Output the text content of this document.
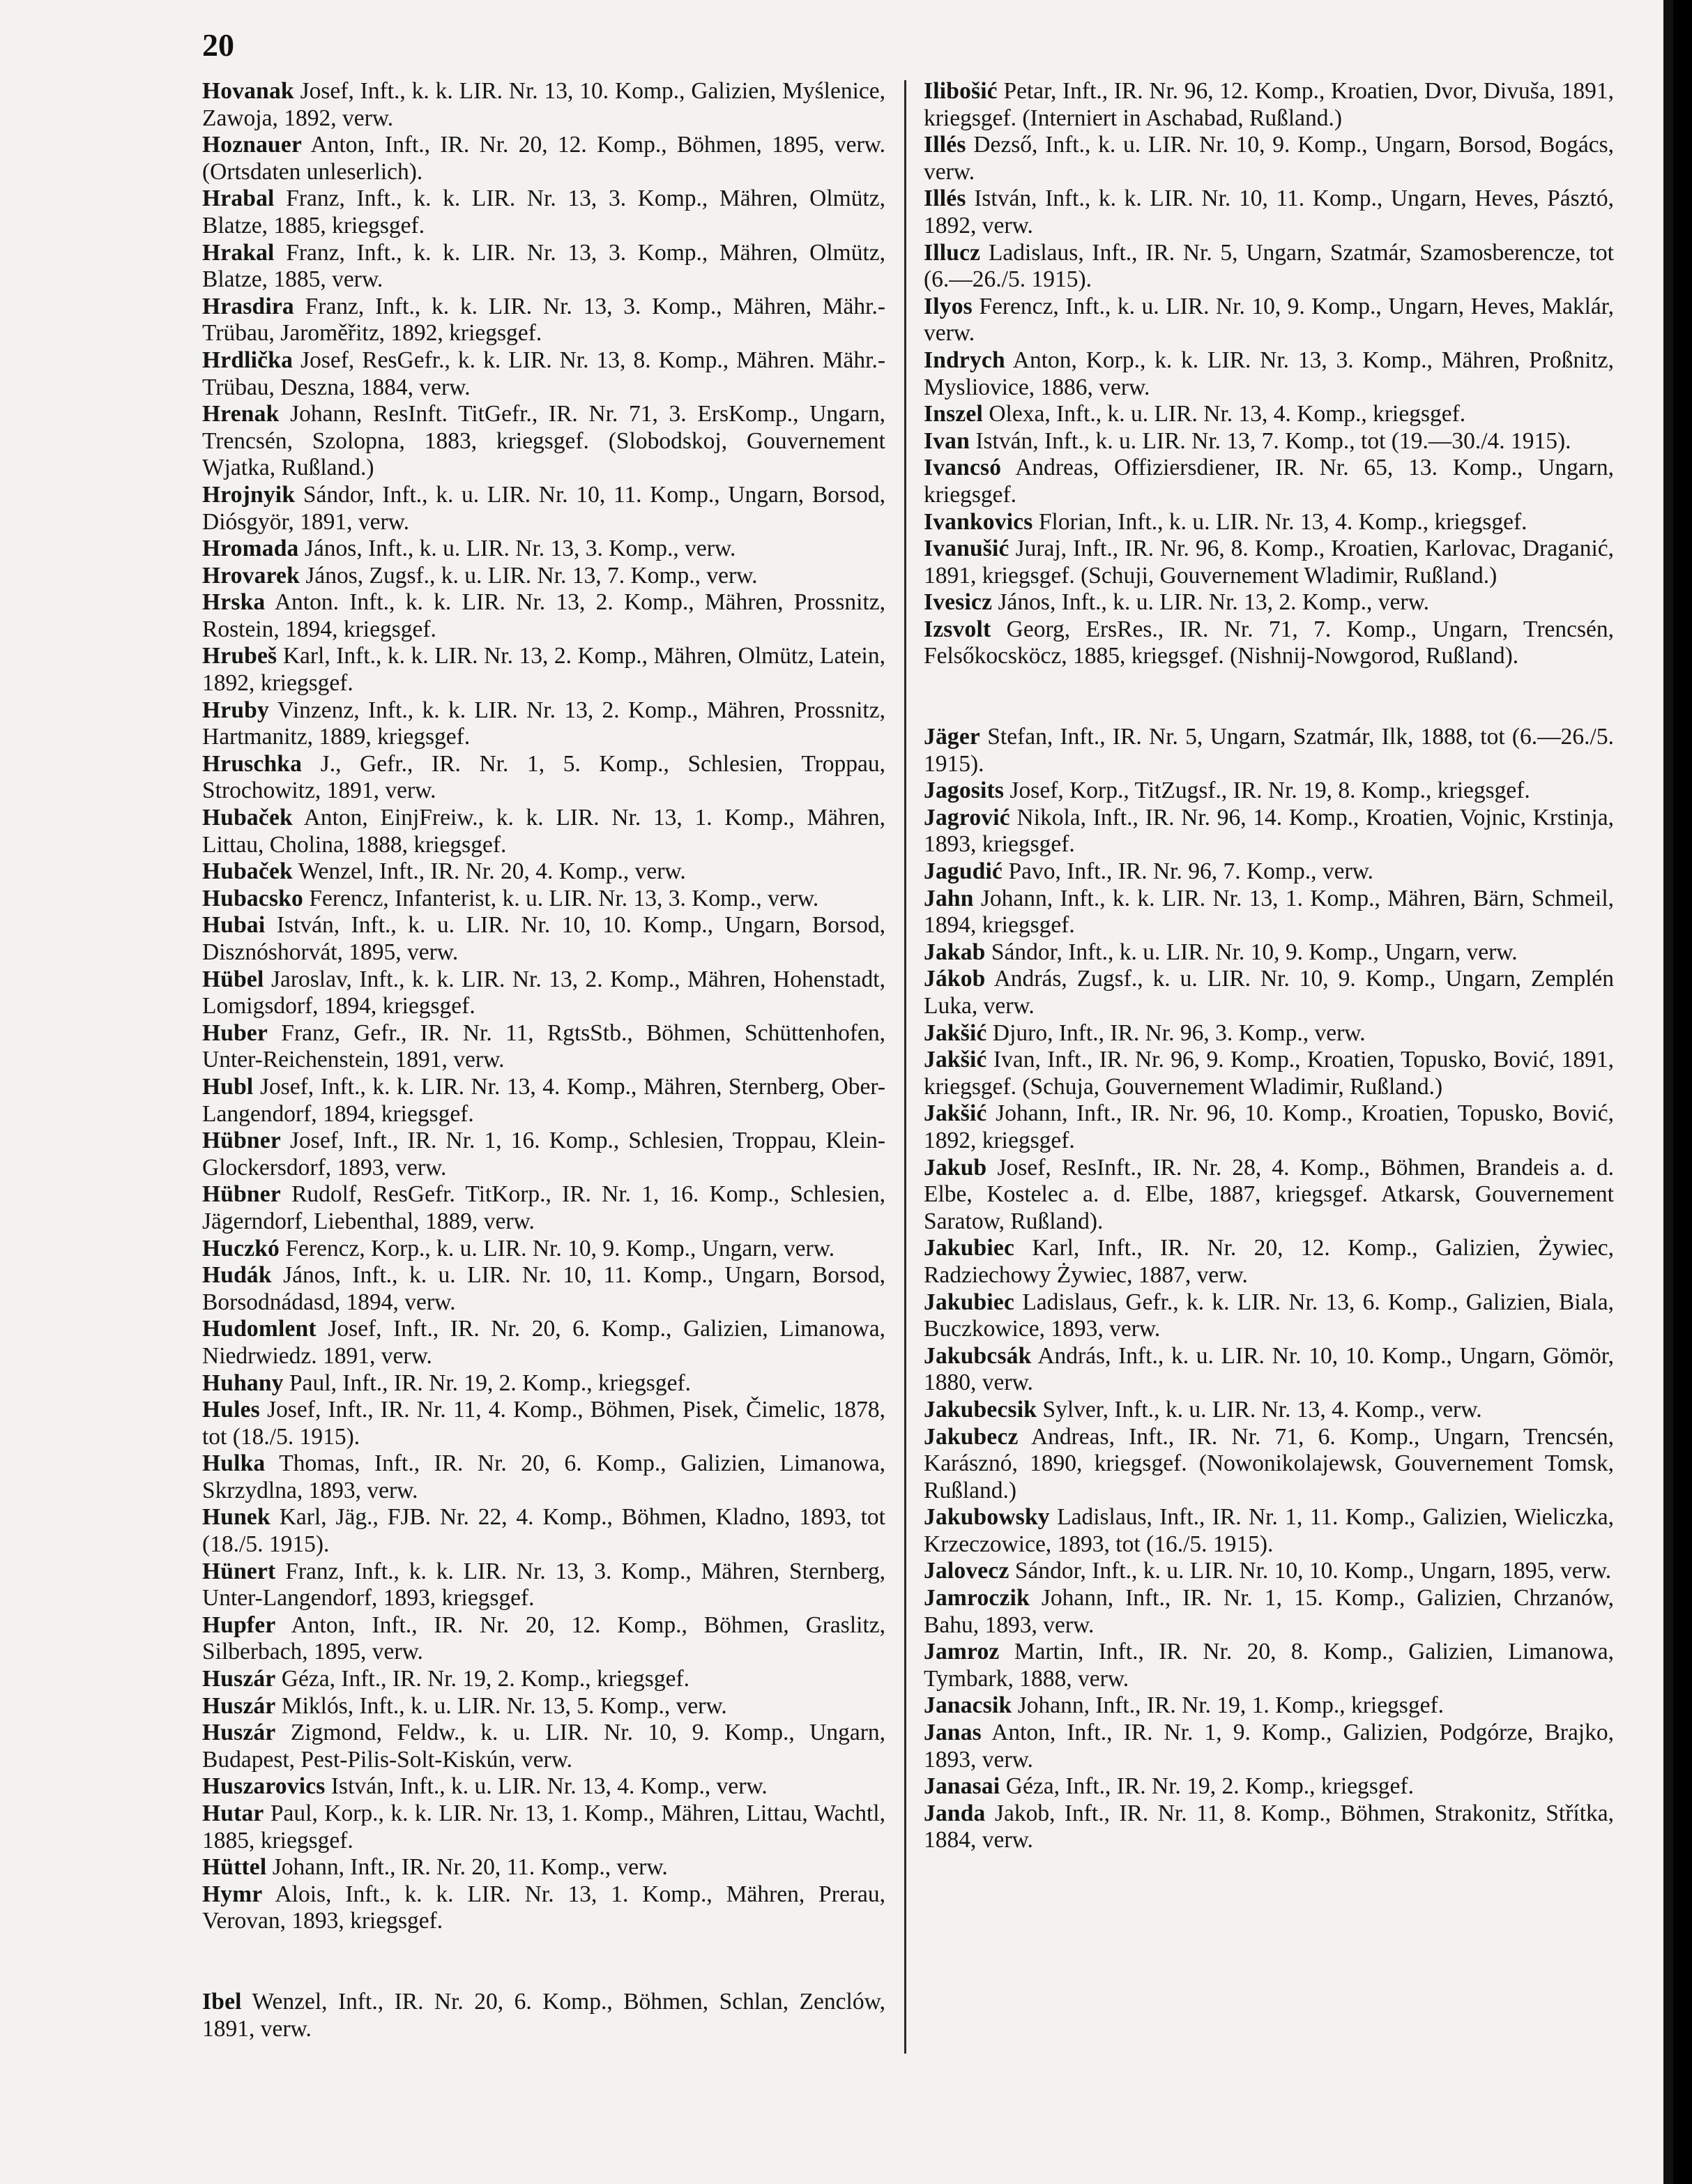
20

Hovanak Josef, Inft., k. k. LIR. Nr. 13, 10. Komp., Galizien, Myślenice, Zawoja, 1892, verw.

Hoznauer Anton, Inft., IR. Nr. 20, 12. Komp., Böhmen, 1895, verw. (Ortsdaten unleserlich).

Hrabal Franz, Inft., k. k. LIR. Nr. 13, 3. Komp., Mähren, Olmütz, Blatze, 1885, kriegsgef.

Hrakal Franz, Inft., k. k. LIR. Nr. 13, 3. Komp., Mähren, Olmütz, Blatze, 1885, verw.

Hrasdira Franz, Inft., k. k. LIR. Nr. 13, 3. Komp., Mähren, Mähr.-Trübau, Jaroměřitz, 1892, kriegsgef.

Hrdlička Josef, ResGefr., k. k. LIR. Nr. 13, 8. Komp., Mähren. Mähr.-Trübau, Deszna, 1884, verw.

Hrenak Johann, ResInft. TitGefr., IR. Nr. 71, 3. ErsKomp., Ungarn, Trencsén, Szolopna, 1883, kriegsgef. (Slobodskoj, Gouvernement Wjatka, Rußland.)

Hrojnyik Sándor, Inft., k. u. LIR. Nr. 10, 11. Komp., Ungarn, Borsod, Diósgyör, 1891, verw.

Hromada János, Inft., k. u. LIR. Nr. 13, 3. Komp., verw.

Hrovarek János, Zugsf., k. u. LIR. Nr. 13, 7. Komp., verw.

Hrska Anton. Inft., k. k. LIR. Nr. 13, 2. Komp., Mähren, Prossnitz, Rostein, 1894, kriegsgef.

Hrubeš Karl, Inft., k. k. LIR. Nr. 13, 2. Komp., Mähren, Olmütz, Latein, 1892, kriegsgef.

Hruby Vinzenz, Inft., k. k. LIR. Nr. 13, 2. Komp., Mähren, Prossnitz, Hartmanitz, 1889, kriegsgef.

Hruschka J., Gefr., IR. Nr. 1, 5. Komp., Schlesien, Troppau, Strochowitz, 1891, verw.

Hubaček Anton, EinjFreiw., k. k. LIR. Nr. 13, 1. Komp., Mähren, Littau, Cholina, 1888, kriegsgef.

Hubaček Wenzel, Inft., IR. Nr. 20, 4. Komp., verw.

Hubacsko Ferencz, Infanterist, k. u. LIR. Nr. 13, 3. Komp., verw.

Hubai István, Inft., k. u. LIR. Nr. 10, 10. Komp., Ungarn, Borsod, Disznóshorvát, 1895, verw.

Hübel Jaroslav, Inft., k. k. LIR. Nr. 13, 2. Komp., Mähren, Hohenstadt, Lomigsdorf, 1894, kriegsgef.

Huber Franz, Gefr., IR. Nr. 11, RgtsStb., Böhmen, Schüttenhofen, Unter-Reichenstein, 1891, verw.

Hubl Josef, Inft., k. k. LIR. Nr. 13, 4. Komp., Mähren, Sternberg, Ober-Langendorf, 1894, kriegsgef.

Hübner Josef, Inft., IR. Nr. 1, 16. Komp., Schlesien, Troppau, Klein-Glockersdorf, 1893, verw.

Hübner Rudolf, ResGefr. TitKorp., IR. Nr. 1, 16. Komp., Schlesien, Jägerndorf, Liebenthal, 1889, verw.

Huczkó Ferencz, Korp., k. u. LIR. Nr. 10, 9. Komp., Ungarn, verw.

Hudák János, Inft., k. u. LIR. Nr. 10, 11. Komp., Ungarn, Borsod, Borsodnádasd, 1894, verw.

Hudomlent Josef, Inft., IR. Nr. 20, 6. Komp., Galizien, Limanowa, Niedrwiedz. 1891, verw.

Huhany Paul, Inft., IR. Nr. 19, 2. Komp., kriegsgef.

Hules Josef, Inft., IR. Nr. 11, 4. Komp., Böhmen, Pisek, Čimelic, 1878, tot (18./5. 1915).

Hulka Thomas, Inft., IR. Nr. 20, 6. Komp., Galizien, Limanowa, Skrzydlna, 1893, verw.

Hunek Karl, Jäg., FJB. Nr. 22, 4. Komp., Böhmen, Kladno, 1893, tot (18./5. 1915).

Hünert Franz, Inft., k. k. LIR. Nr. 13, 3. Komp., Mähren, Sternberg, Unter-Langendorf, 1893, kriegsgef.

Hupfer Anton, Inft., IR. Nr. 20, 12. Komp., Böhmen, Graslitz, Silberbach, 1895, verw.

Huszár Géza, Inft., IR. Nr. 19, 2. Komp., kriegsgef.

Huszár Miklós, Inft., k. u. LIR. Nr. 13, 5. Komp., verw.

Huszár Zigmond, Feldw., k. u. LIR. Nr. 10, 9. Komp., Ungarn, Budapest, Pest-Pilis-Solt-Kiskún, verw.

Huszarovics István, Inft., k. u. LIR. Nr. 13, 4. Komp., verw.

Hutar Paul, Korp., k. k. LIR. Nr. 13, 1. Komp., Mähren, Littau, Wachtl, 1885, kriegsgef.

Hüttel Johann, Inft., IR. Nr. 20, 11. Komp., verw.

Hymr Alois, Inft., k. k. LIR. Nr. 13, 1. Komp., Mähren, Prerau, Verovan, 1893, kriegsgef.

Ibel Wenzel, Inft., IR. Nr. 20, 6. Komp., Böhmen, Schlan, Zenclów, 1891, verw.

Ilibošić Petar, Inft., IR. Nr. 96, 12. Komp., Kroatien, Dvor, Divuša, 1891, kriegsgef. (Interniert in Aschabad, Rußland.)

Illés Dezső, Inft., k. u. LIR. Nr. 10, 9. Komp., Ungarn, Borsod, Bogács, verw.

Illés István, Inft., k. k. LIR. Nr. 10, 11. Komp., Ungarn, Heves, Pásztó, 1892, verw.

Illucz Ladislaus, Inft., IR. Nr. 5, Ungarn, Szatmár, Szamosberencze, tot (6.—26./5. 1915).

Ilyos Ferencz, Inft., k. u. LIR. Nr. 10, 9. Komp., Ungarn, Heves, Maklár, verw.

Indrych Anton, Korp., k. k. LIR. Nr. 13, 3. Komp., Mähren, Proßnitz, Mysliovice, 1886, verw.

Inszel Olexa, Inft., k. u. LIR. Nr. 13, 4. Komp., kriegsgef.

Ivan István, Inft., k. u. LIR. Nr. 13, 7. Komp., tot (19.—30./4. 1915).

Ivancsó Andreas, Offiziersdiener, IR. Nr. 65, 13. Komp., Ungarn, kriegsgef.

Ivankovics Florian, Inft., k. u. LIR. Nr. 13, 4. Komp., kriegsgef.

Ivanušić Juraj, Inft., IR. Nr. 96, 8. Komp., Kroatien, Karlovac, Draganić, 1891, kriegsgef. (Schuji, Gouvernement Wladimir, Rußland.)

Ivesicz János, Inft., k. u. LIR. Nr. 13, 2. Komp., verw.

Izsvolt Georg, ErsRes., IR. Nr. 71, 7. Komp., Ungarn, Trencsén, Felsőkocsköcz, 1885, kriegsgef. (Nishnij-Nowgorod, Rußland).

Jäger Stefan, Inft., IR. Nr. 5, Ungarn, Szatmár, Ilk, 1888, tot (6.—26./5. 1915).

Jagosits Josef, Korp., TitZugsf., IR. Nr. 19, 8. Komp., kriegsgef.

Jagrović Nikola, Inft., IR. Nr. 96, 14. Komp., Kroatien, Vojnic, Krstinja, 1893, kriegsgef.

Jagudić Pavo, Inft., IR. Nr. 96, 7. Komp., verw.

Jahn Johann, Inft., k. k. LIR. Nr. 13, 1. Komp., Mähren, Bärn, Schmeil, 1894, kriegsgef.

Jakab Sándor, Inft., k. u. LIR. Nr. 10, 9. Komp., Ungarn, verw.

Jákob András, Zugsf., k. u. LIR. Nr. 10, 9. Komp., Ungarn, Zemplén Luka, verw.

Jakšić Djuro, Inft., IR. Nr. 96, 3. Komp., verw.

Jakšić Ivan, Inft., IR. Nr. 96, 9. Komp., Kroatien, Topusko, Bović, 1891, kriegsgef. (Schuja, Gouvernement Wladimir, Rußland.)

Jakšić Johann, Inft., IR. Nr. 96, 10. Komp., Kroatien, Topusko, Bović, 1892, kriegsgef.

Jakub Josef, ResInft., IR. Nr. 28, 4. Komp., Böhmen, Brandeis a. d. Elbe, Kostelec a. d. Elbe, 1887, kriegsgef. Atkarsk, Gouvernement Saratow, Rußland).

Jakubiec Karl, Inft., IR. Nr. 20, 12. Komp., Galizien, Żywiec, Radziechowy Żywiec, 1887, verw.

Jakubiec Ladislaus, Gefr., k. k. LIR. Nr. 13, 6. Komp., Galizien, Biala, Buczkowice, 1893, verw.

Jakubcsák András, Inft., k. u. LIR. Nr. 10, 10. Komp., Ungarn, Gömör, 1880, verw.

Jakubecsik Sylver, Inft., k. u. LIR. Nr. 13, 4. Komp., verw.

Jakubecz Andreas, Inft., IR. Nr. 71, 6. Komp., Ungarn, Trencsén, Karásznó, 1890, kriegsgef. (Nowonikolajewsk, Gouvernement Tomsk, Rußland.)

Jakubowsky Ladislaus, Inft., IR. Nr. 1, 11. Komp., Galizien, Wieliczka, Krzeczowice, 1893, tot (16./5. 1915).

Jalovecz Sándor, Inft., k. u. LIR. Nr. 10, 10. Komp., Ungarn, 1895, verw.

Jamroczik Johann, Inft., IR. Nr. 1, 15. Komp., Galizien, Chrzanów, Bahu, 1893, verw.

Jamroz Martin, Inft., IR. Nr. 20, 8. Komp., Galizien, Limanowa, Tymbark, 1888, verw.

Janacsik Johann, Inft., IR. Nr. 19, 1. Komp., kriegsgef.

Janas Anton, Inft., IR. Nr. 1, 9. Komp., Galizien, Podgórze, Brajko, 1893, verw.

Janasai Géza, Inft., IR. Nr. 19, 2. Komp., kriegsgef.

Janda Jakob, Inft., IR. Nr. 11, 8. Komp., Böhmen, Strakonitz, Střítka, 1884, verw.
